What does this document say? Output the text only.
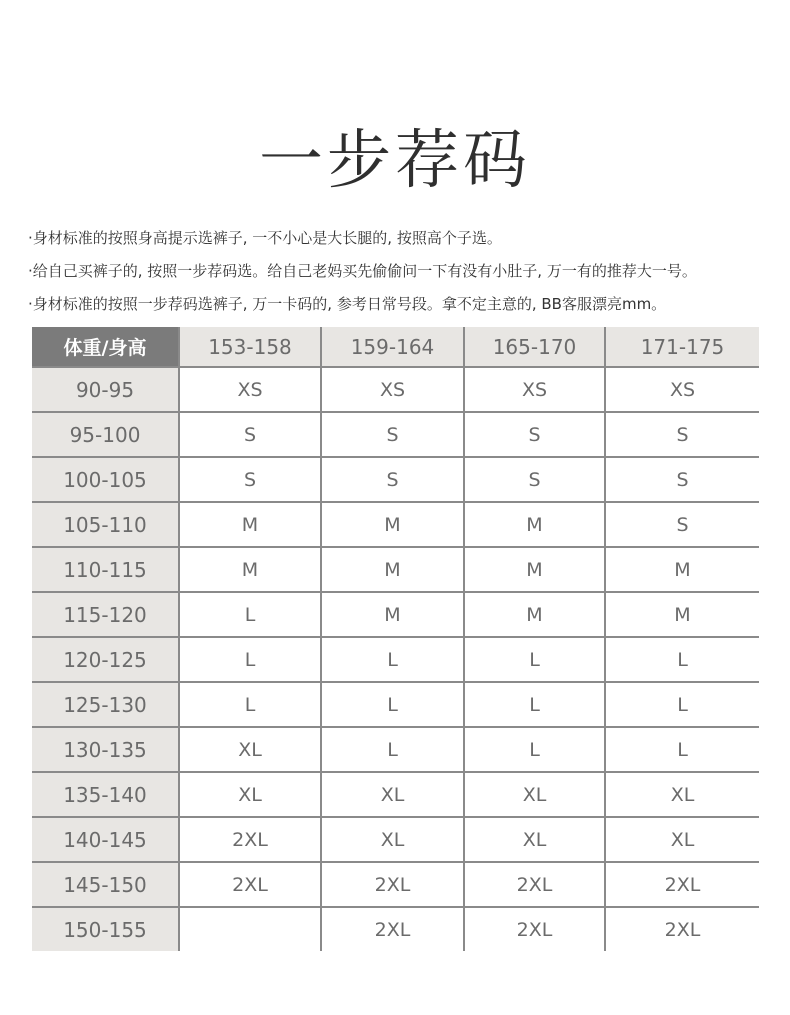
一步荐码
·身材标准的按照身高提示选裤子, 一不小心是大长腿的, 按照高个子选。
·给自己买裤子的, 按照一步荐码选。给自己老妈买先偷偷问一下有没有小肚子, 万一有的推荐大一号。
·身材标准的按照一步荐码选裤子, 万一卡码的, 参考日常号段。拿不定主意的, BB客服漂亮mm。
体重/身高	153-158	159-164	165-170	171-175
90-95	XS	XS	XS	XS
95-100	S	S	S	S
100-105	S	S	S	S
105-110	M	M	M	S
110-115	M	M	M	M
115-120	L	M	M	M
120-125	L	L	L	L
125-130	L	L	L	L
130-135	XL	L	L	L
135-140	XL	XL	XL	XL
140-145	2XL	XL	XL	XL
145-150	2XL	2XL	2XL	2XL
150-155		2XL	2XL	2XL
